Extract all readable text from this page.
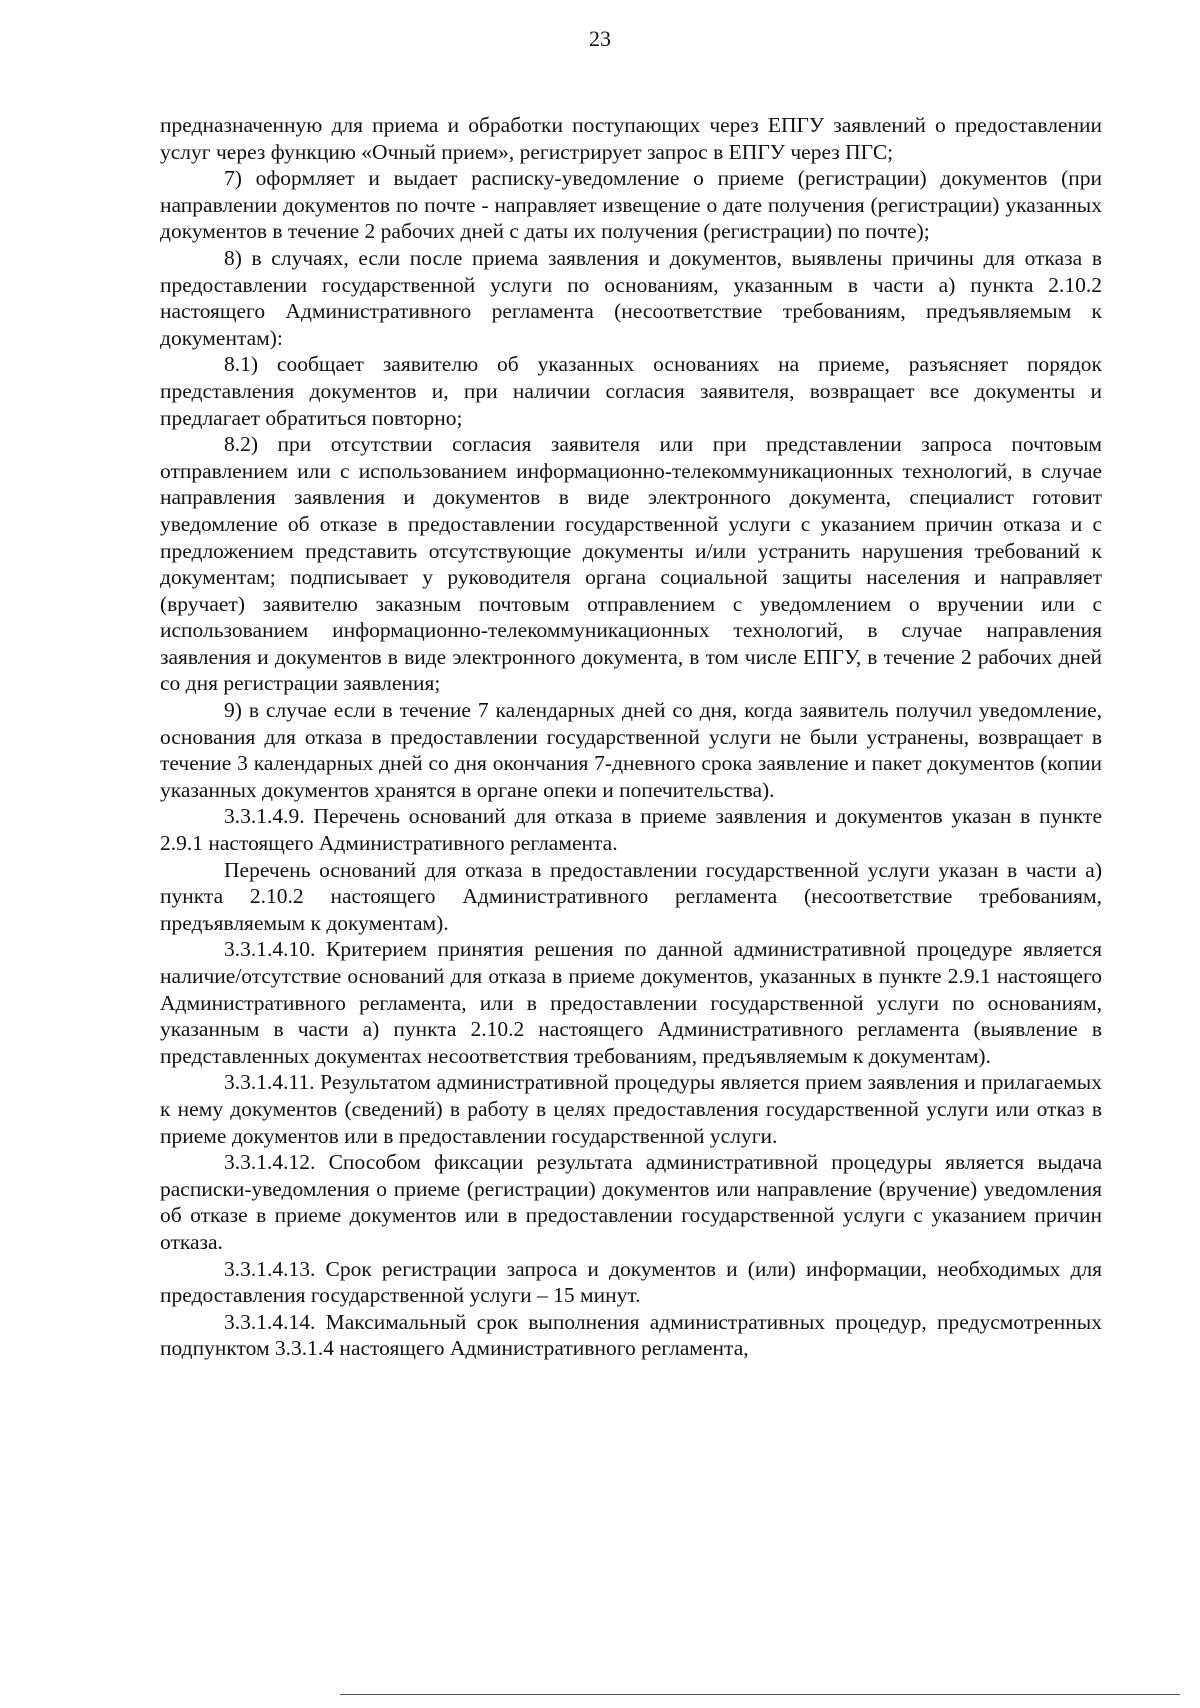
23

предназначенную для приема и обработки поступающих через ЕПГУ заявлений о предоставлении услуг через функцию «Очный прием», регистрирует запрос в ЕПГУ через ПГС;

7) оформляет и выдает расписку-уведомление о приеме (регистрации) документов (при направлении документов по почте - направляет извещение о дате получения (регистрации) указанных документов в течение 2 рабочих дней с даты их получения (регистрации) по почте);

8) в случаях, если после приема заявления и документов, выявлены причины для отказа в предоставлении государственной услуги по основаниям, указанным в части а) пункта 2.10.2 настоящего Административного регламента (несоответствие требованиям, предъявляемым к документам):

8.1) сообщает заявителю об указанных основаниях на приеме, разъясняет порядок представления документов и, при наличии согласия заявителя, возвращает все документы и предлагает обратиться повторно;

8.2) при отсутствии согласия заявителя или при представлении запроса почтовым отправлением или с использованием информационно-телекоммуникационных технологий, в случае направления заявления и документов в виде электронного документа, специалист готовит уведомление об отказе в предоставлении государственной услуги с указанием причин отказа и с предложением представить отсутствующие документы и/или устранить нарушения требований к документам; подписывает у руководителя органа социальной защиты населения и направляет (вручает) заявителю заказным почтовым отправлением с уведомлением о вручении или с использованием информационно-телекоммуникационных технологий, в случае направления заявления и документов в виде электронного документа, в том числе ЕПГУ, в течение 2 рабочих дней со дня регистрации заявления;

9) в случае если в течение 7 календарных дней со дня, когда заявитель получил уведомление, основания для отказа в предоставлении государственной услуги не были устранены, возвращает в течение 3 календарных дней со дня окончания 7-дневного срока заявление и пакет документов (копии указанных документов хранятся в органе опеки и попечительства).

3.3.1.4.9. Перечень оснований для отказа в приеме заявления и документов указан в пункте 2.9.1 настоящего Административного регламента.

Перечень оснований для отказа в предоставлении государственной услуги указан в части а) пункта 2.10.2 настоящего Административного регламента (несоответствие требованиям, предъявляемым к документам).

3.3.1.4.10. Критерием принятия решения по данной административной процедуре является наличие/отсутствие оснований для отказа в приеме документов, указанных в пункте 2.9.1 настоящего Административного регламента, или в предоставлении государственной услуги по основаниям, указанным в части а) пункта 2.10.2 настоящего Административного регламента (выявление в представленных документах несоответствия требованиям, предъявляемым к документам).

3.3.1.4.11. Результатом административной процедуры является прием заявления и прилагаемых к нему документов (сведений) в работу в целях предоставления государственной услуги или отказ в приеме документов или в предоставлении государственной услуги.

3.3.1.4.12. Способом фиксации результата административной процедуры является выдача расписки-уведомления о приеме (регистрации) документов или направление (вручение) уведомления об отказе в приеме документов или в предоставлении государственной услуги с указанием причин отказа.

3.3.1.4.13. Срок регистрации запроса и документов и (или) информации, необходимых для предоставления государственной услуги – 15 минут.

3.3.1.4.14. Максимальный срок выполнения административных процедур, предусмотренных подпунктом 3.3.1.4 настоящего Административного регламента,
